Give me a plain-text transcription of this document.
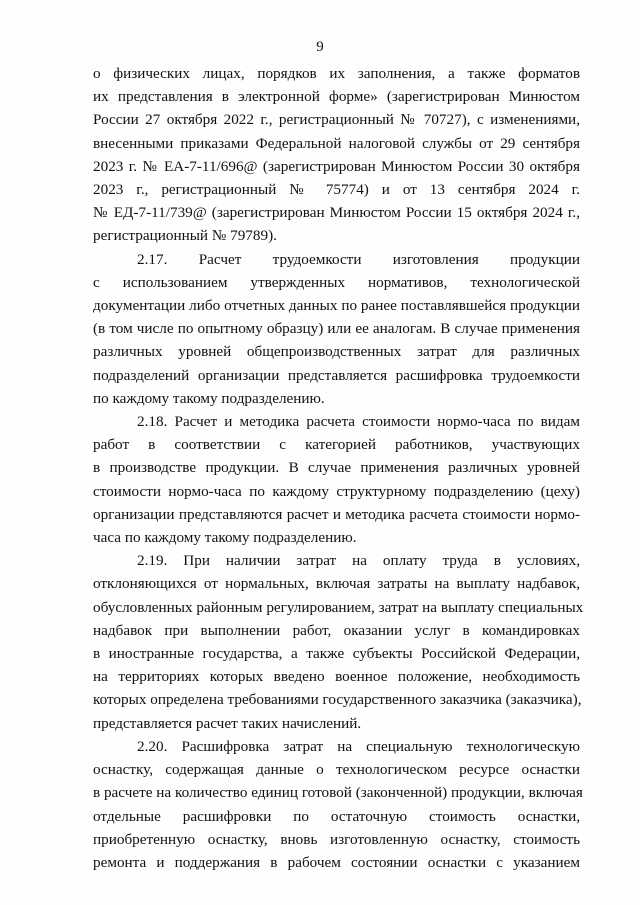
9
о физических лицах, порядков их заполнения, а также форматов
их представления в электронной форме» (зарегистрирован Минюстом
России 27 октября 2022 г., регистрационный № 70727), с изменениями,
внесенными приказами Федеральной налоговой службы от 29 сентября
2023 г. № ЕА-7-11/696@ (зарегистрирован Минюстом России 30 октября
2023 г., регистрационный № 75774) и от 13 сентября 2024 г.
№ ЕД-7-11/739@ (зарегистрирован Минюстом России 15 октября 2024 г.,
регистрационный № 79789).
2.17. Расчет трудоемкости изготовления продукции
с использованием утвержденных нормативов, технологической
документации либо отчетных данных по ранее поставлявшейся продукции
(в том числе по опытному образцу) или ее аналогам. В случае применения
различных уровней общепроизводственных затрат для различных
подразделений организации представляется расшифровка трудоемкости
по каждому такому подразделению.
2.18. Расчет и методика расчета стоимости нормо-часа по видам
работ в соответствии с категорией работников, участвующих
в производстве продукции. В случае применения различных уровней
стоимости нормо-часа по каждому структурному подразделению (цеху)
организации представляются расчет и методика расчета стоимости нормо-
часа по каждому такому подразделению.
2.19. При наличии затрат на оплату труда в условиях,
отклоняющихся от нормальных, включая затраты на выплату надбавок,
обусловленных районным регулированием, затрат на выплату специальных
надбавок при выполнении работ, оказании услуг в командировках
в иностранные государства, а также субъекты Российской Федерации,
на территориях которых введено военное положение, необходимость
которых определена требованиями государственного заказчика (заказчика),
представляется расчет таких начислений.
2.20. Расшифровка затрат на специальную технологическую
оснастку, содержащая данные о технологическом ресурсе оснастки
в расчете на количество единиц готовой (законченной) продукции, включая
отдельные расшифровки по остаточную стоимость оснастки,
приобретенную оснастку, вновь изготовленную оснастку, стоимость
ремонта и поддержания в рабочем состоянии оснастки с указанием
